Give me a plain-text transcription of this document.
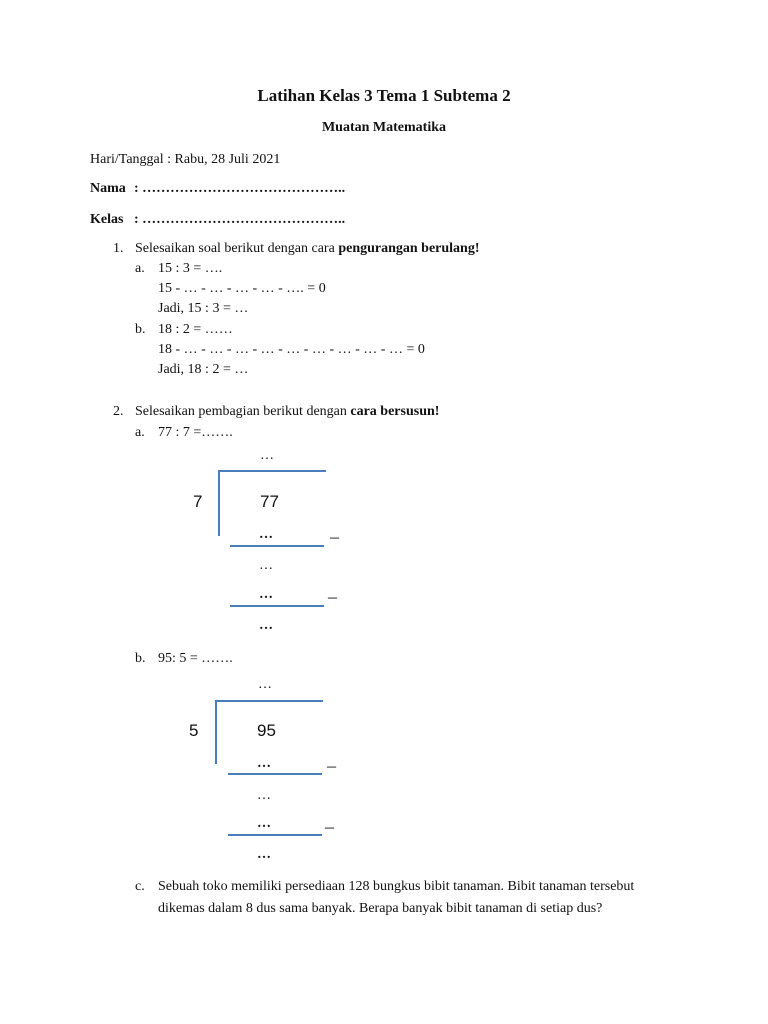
Latihan Kelas 3 Tema 1 Subtema 2
Muatan Matematika
Hari/Tanggal : Rabu, 28 Juli 2021
Nama : ……………………………………..
Kelas : ……………………………………..
1. Selesaikan soal berikut dengan cara pengurangan berulang!
a. 15 : 3 = ….
15 - … - … - … - … - …. = 0
Jadi, 15 : 3 = …
b. 18 : 2 = ……
18 - … - … - … - … - … - … - … - … - … = 0
Jadi, 18 : 2 = …
2. Selesaikan pembagian berikut dengan cara bersusun!
a. 77 : 7 =…….
…
7	77
…	_
…
…	_
…
b. 95: 5 = …….
…
5	95
…	_
…
…	_
…
c. Sebuah toko memiliki persediaan 128 bungkus bibit tanaman. Bibit tanaman tersebut
dikemas dalam 8 dus sama banyak. Berapa banyak bibit tanaman di setiap dus?
